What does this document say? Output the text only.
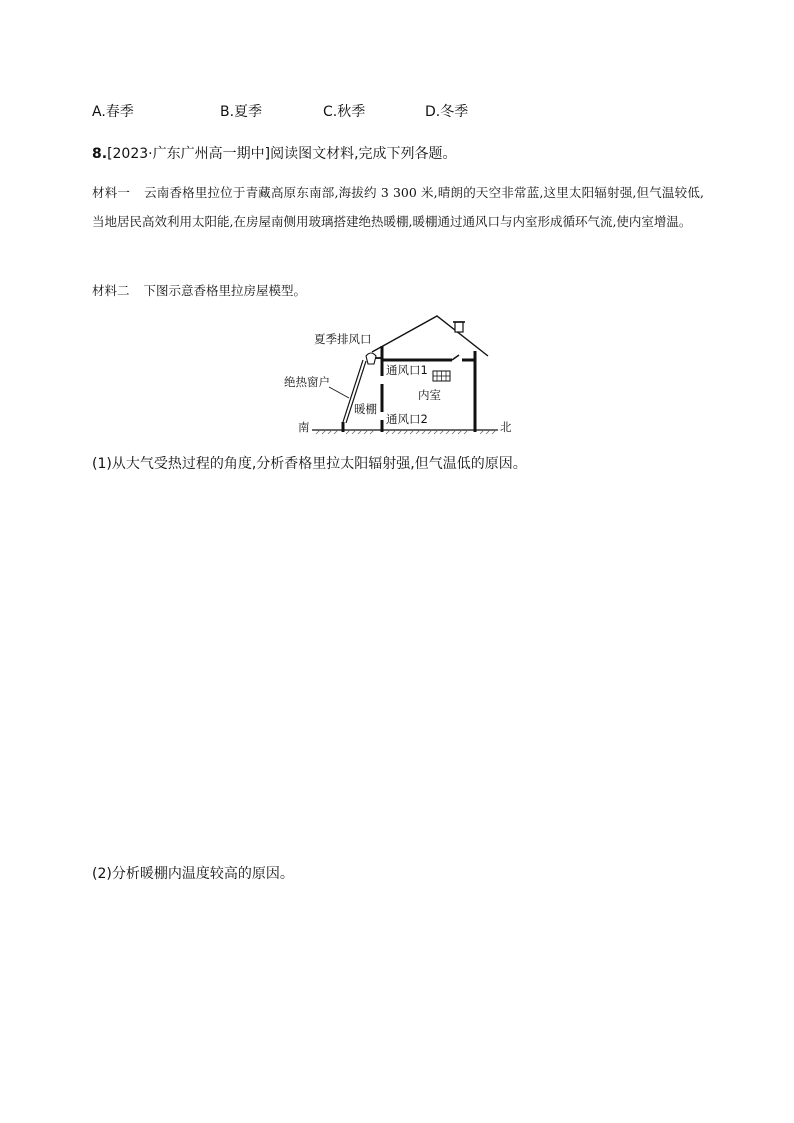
A.春季	B.夏季	C.秋季	D.冬季
8.[2023·广东广州高一期中]阅读图文材料,完成下列各题。
材料一 云南香格里拉位于青藏高原东南部,海拔约 3 300 米,晴朗的天空非常蓝,这里太阳辐射强,但气温较低,当地居民高效利用太阳能,在房屋南侧用玻璃搭建绝热暖棚,暖棚通过通风口与内室形成循环气流,使内室增温。
材料二 下图示意香格里拉房屋模型。
夏季排风口
绝热窗户
通风口1
内室
暖棚
通风口2
南	北
(1)从大气受热过程的角度,分析香格里拉太阳辐射强,但气温低的原因。
(2)分析暖棚内温度较高的原因。
